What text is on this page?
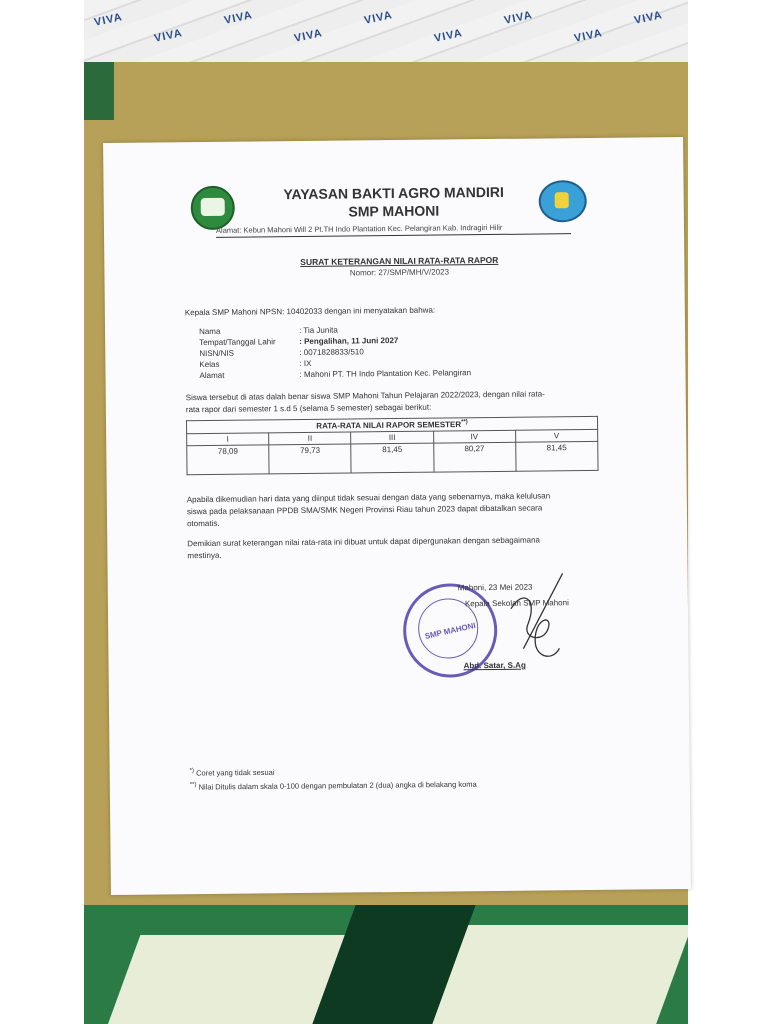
VIVA
VIVA
VIVA
VIVA
VIVA
VIVA
VIVA
VIVA
VIVA
YAYASAN BAKTI AGRO MANDIRI
SMP MAHONI
Alamat: Kebun Mahoni Will 2 Pt.TH Indo Plantation Kec. Pelangiran Kab. Indragiri Hilir
SURAT KETERANGAN NILAI RATA-RATA RAPOR
Nomor: 27/SMP/MH/V/2023
Kepala SMP Mahoni NPSN: 10402033 dengan ini menyatakan bahwa:
Nama	: Tia Junita
Tempat/Tanggal Lahir	: Pengalihan, 11 Juni 2027
NISN/NIS	: 0071828833/510
Kelas	: IX
Alamat	: Mahoni PT. TH Indo Plantation Kec. Pelangiran
Siswa tersebut di atas dalah benar siswa SMP Mahoni Tahun Pelajaran 2022/2023, dengan nilai rata-
rata rapor dari semester 1 s.d 5 (selama 5 semester) sebagai berikut:
RATA-RATA NILAI RAPOR SEMESTER**)
I	II	III	IV	V
78,09	79,73	81,45	80,27	81,45
Apabila dikemudian hari data yang diinput tidak sesuai dengan data yang sebenarnya, maka kelulusan
siswa pada pelaksanaan PPDB SMA/SMK Negeri Provinsi Riau tahun 2023 dapat dibatalkan secara
otomatis.
Demikian surat keterangan nilai rata-rata ini dibuat untuk dapat dipergunakan dengan sebagaimana
mestinya.
SMP MAHONI
Mahoni, 23 Mei 2023
Kepala Sekolah SMP Mahoni
Abd. Satar, S.Ag
*) Coret yang tidak sesuai
**) Nilai Ditulis dalam skala 0-100 dengan pembulatan 2 (dua) angka di belakang koma
